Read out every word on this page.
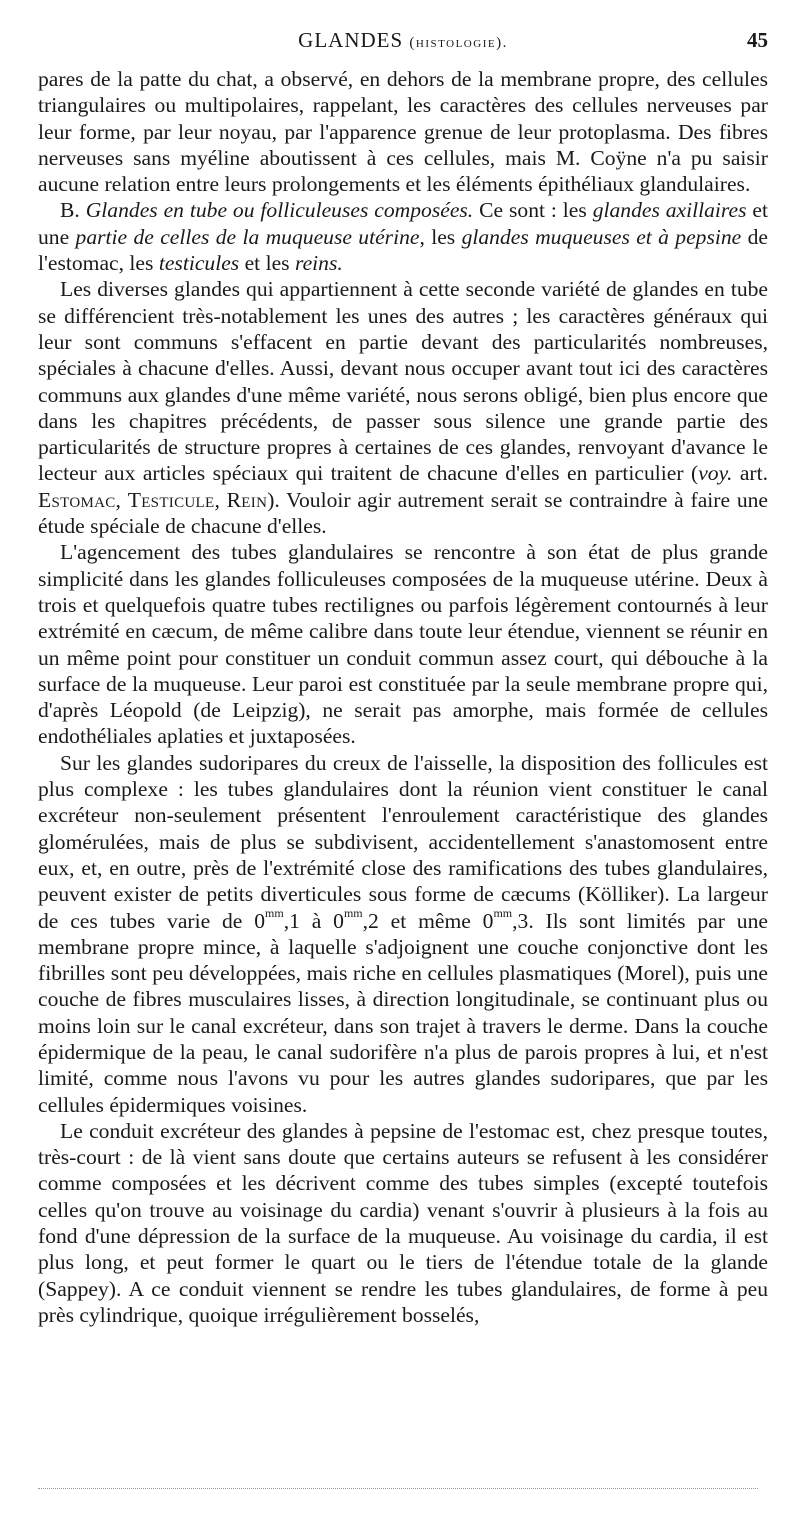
GLANDES (histologie).	45

pares de la patte du chat, a observé, en dehors de la membrane propre, des cellules triangulaires ou multipolaires, rappelant, les caractères des cellules nerveuses par leur forme, par leur noyau, par l'apparence grenue de leur protoplasma. Des fibres nerveuses sans myéline aboutissent à ces cellules, mais M. Coÿne n'a pu saisir aucune relation entre leurs prolongements et les éléments épithéliaux glandulaires.

B. Glandes en tube ou folliculeuses composées. Ce sont : les glandes axillaires et une partie de celles de la muqueuse utérine, les glandes muqueuses et à pepsine de l'estomac, les testicules et les reins.

Les diverses glandes qui appartiennent à cette seconde variété de glandes en tube se différencient très-notablement les unes des autres ; les caractères généraux qui leur sont communs s'effacent en partie devant des particularités nombreuses, spéciales à chacune d'elles. Aussi, devant nous occuper avant tout ici des caractères communs aux glandes d'une même variété, nous serons obligé, bien plus encore que dans les chapitres précédents, de passer sous silence une grande partie des particularités de structure propres à certaines de ces glandes, renvoyant d'avance le lecteur aux articles spéciaux qui traitent de chacune d'elles en particulier (voy. art. Estomac, Testicule, Rein). Vouloir agir autrement serait se contraindre à faire une étude spéciale de chacune d'elles.

L'agencement des tubes glandulaires se rencontre à son état de plus grande simplicité dans les glandes folliculeuses composées de la muqueuse utérine. Deux à trois et quelquefois quatre tubes rectilignes ou parfois légèrement contournés à leur extrémité en cæcum, de même calibre dans toute leur étendue, viennent se réunir en un même point pour constituer un conduit commun assez court, qui débouche à la surface de la muqueuse. Leur paroi est constituée par la seule membrane propre qui, d'après Léopold (de Leipzig), ne serait pas amorphe, mais formée de cellules endothéliales aplaties et juxtaposées.

Sur les glandes sudoripares du creux de l'aisselle, la disposition des follicules est plus complexe : les tubes glandulaires dont la réunion vient constituer le canal excréteur non-seulement présentent l'enroulement caractéristique des glandes glomérulées, mais de plus se subdivisent, accidentellement s'anastomosent entre eux, et, en outre, près de l'extrémité close des ramifications des tubes glandulaires, peuvent exister de petits diverticules sous forme de cæcums (Kölliker). La largeur de ces tubes varie de $0^{mm},1$ à $0^{mm},2$ et même $0^{mm},3$. Ils sont limités par une membrane propre mince, à laquelle s'adjoignent une couche conjonctive dont les fibrilles sont peu développées, mais riche en cellules plasmatiques (Morel), puis une couche de fibres musculaires lisses, à direction longitudinale, se continuant plus ou moins loin sur le canal excréteur, dans son trajet à travers le derme. Dans la couche épidermique de la peau, le canal sudorifère n'a plus de parois propres à lui, et n'est limité, comme nous l'avons vu pour les autres glandes sudoripares, que par les cellules épidermiques voisines.

Le conduit excréteur des glandes à pepsine de l'estomac est, chez presque toutes, très-court : de là vient sans doute que certains auteurs se refusent à les considérer comme composées et les décrivent comme des tubes simples (excepté toutefois celles qu'on trouve au voisinage du cardia) venant s'ouvrir à plusieurs à la fois au fond d'une dépression de la surface de la muqueuse. Au voisinage du cardia, il est plus long, et peut former le quart ou le tiers de l'étendue totale de la glande (Sappey). A ce conduit viennent se rendre les tubes glandulaires, de forme à peu près cylindrique, quoique irrégulièrement bosselés,
